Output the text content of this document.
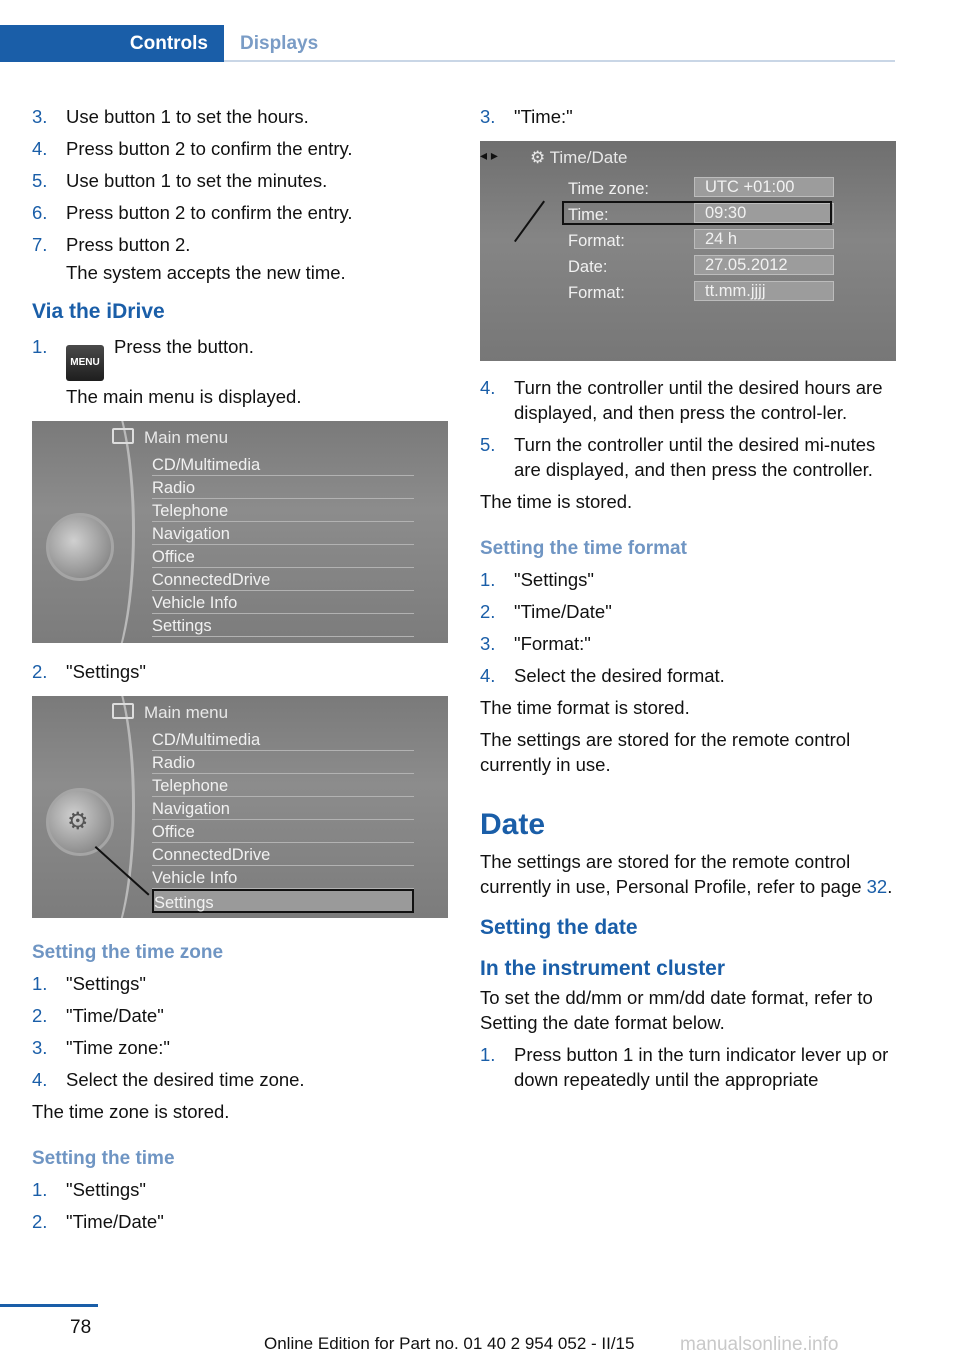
Controls	Displays
3.	Use button 1 to set the hours.
4.	Press button 2 to confirm the entry.
5.	Use button 1 to set the minutes.
6.	Press button 2 to confirm the entry.
7.	Press button 2.
The system accepts the new time.
Via the iDrive
1.
MENUPress the button.
The main menu is displayed.
Main menu
CD/Multimedia
Radio
Telephone
Navigation
Office
ConnectedDrive
Vehicle Info
Settings
2.	"Settings"
Main menu
⚙
CD/Multimedia
Radio
Telephone
Navigation
Office
ConnectedDrive
Vehicle Info
Settings
Setting the time zone
1.	"Settings"
2.	"Time/Date"
3.	"Time zone:"
4.	Select the desired time zone.
The time zone is stored.
Setting the time
1.	"Settings"
2.	"Time/Date"
3.	"Time:"
⚙ Time/Date
◂ ▸
Time zone:	UTC +01:00
Time:	09:30
Format:	24 h
Date:	27.05.2012
Format:	tt.mm.jjjj
4.	Turn the controller until the desired hours are displayed, and then press the control‐ler.
5.	Turn the controller until the desired mi‐nutes are displayed, and then press the controller.
The time is stored.
Setting the time format
1.	"Settings"
2.	"Time/Date"
3.	"Format:"
4.	Select the desired format.
The time format is stored.
The settings are stored for the remote control currently in use.
Date
The settings are stored for the remote control currently in use, Personal Profile, refer to page 32.
Setting the date
In the instrument cluster
To set the dd/mm or mm/dd date format, refer to Setting the date format below.
1.	Press button 1 in the turn indicator lever up or down repeatedly until the appropriate
78
Online Edition for Part no. 01 40 2 954 052 - II/15 manualsonline.info
